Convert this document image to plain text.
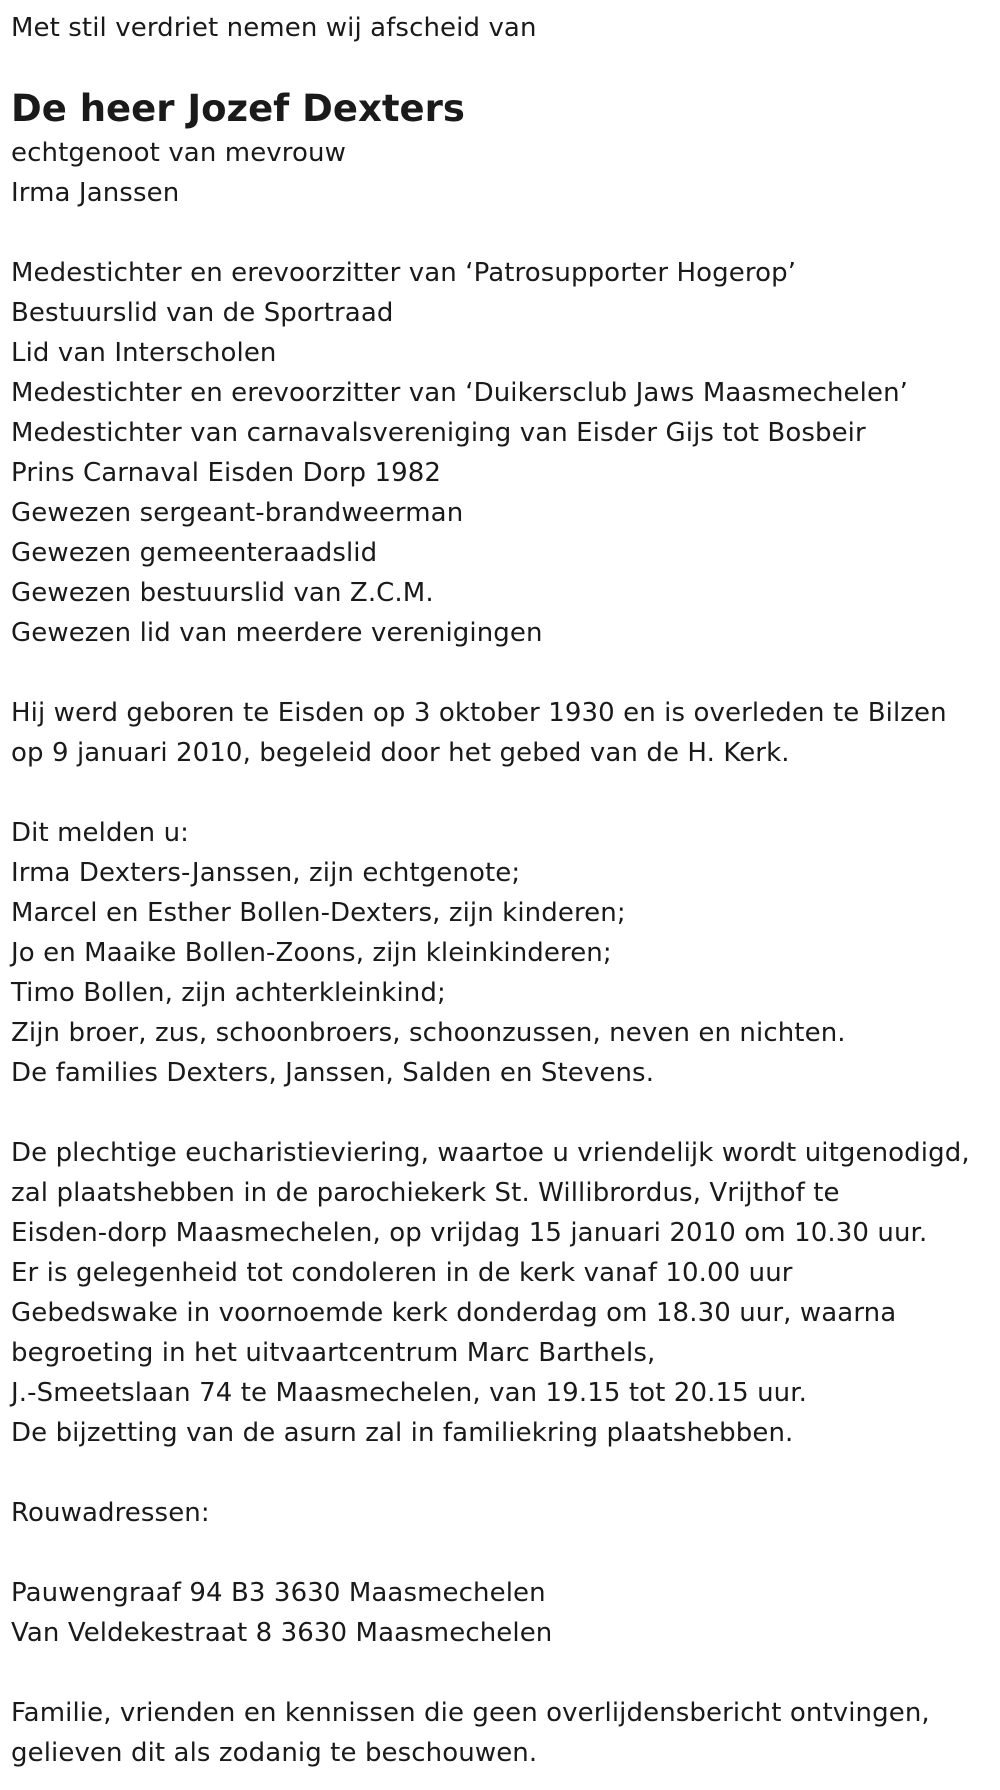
Met stil verdriet nemen wij afscheid van
De heer Jozef Dexters
echtgenoot van mevrouw
Irma Janssen
Medestichter en erevoorzitter van ‘Patrosupporter Hogerop’
Bestuurslid van de Sportraad
Lid van Interscholen
Medestichter en erevoorzitter van ‘Duikersclub Jaws Maasmechelen’
Medestichter van carnavalsvereniging van Eisder Gijs tot Bosbeir
Prins Carnaval Eisden Dorp 1982
Gewezen sergeant-brandweerman
Gewezen gemeenteraadslid
Gewezen bestuurslid van Z.C.M.
Gewezen lid van meerdere verenigingen
Hij werd geboren te Eisden op 3 oktober 1930 en is overleden te Bilzen
op 9 januari 2010, begeleid door het gebed van de H. Kerk.
Dit melden u:
Irma Dexters-Janssen, zijn echtgenote;
Marcel en Esther Bollen-Dexters, zijn kinderen;
Jo en Maaike Bollen-Zoons, zijn kleinkinderen;
Timo Bollen, zijn achterkleinkind;
Zijn broer, zus, schoonbroers, schoonzussen, neven en nichten.
De families Dexters, Janssen, Salden en Stevens.
De plechtige eucharistieviering, waartoe u vriendelijk wordt uitgenodigd,
zal plaatshebben in de parochiekerk St. Willibrordus, Vrijthof te
Eisden-dorp Maasmechelen, op vrijdag 15 januari 2010 om 10.30 uur.
Er is gelegenheid tot condoleren in de kerk vanaf 10.00 uur
Gebedswake in voornoemde kerk donderdag om 18.30 uur, waarna
begroeting in het uitvaartcentrum Marc Barthels,
J.-Smeetslaan 74 te Maasmechelen, van 19.15 tot 20.15 uur.
De bijzetting van de asurn zal in familiekring plaatshebben.
Rouwadressen:
Pauwengraaf 94 B3 3630 Maasmechelen
Van Veldekestraat 8 3630 Maasmechelen
Familie, vrienden en kennissen die geen overlijdensbericht ontvingen,
gelieven dit als zodanig te beschouwen.
